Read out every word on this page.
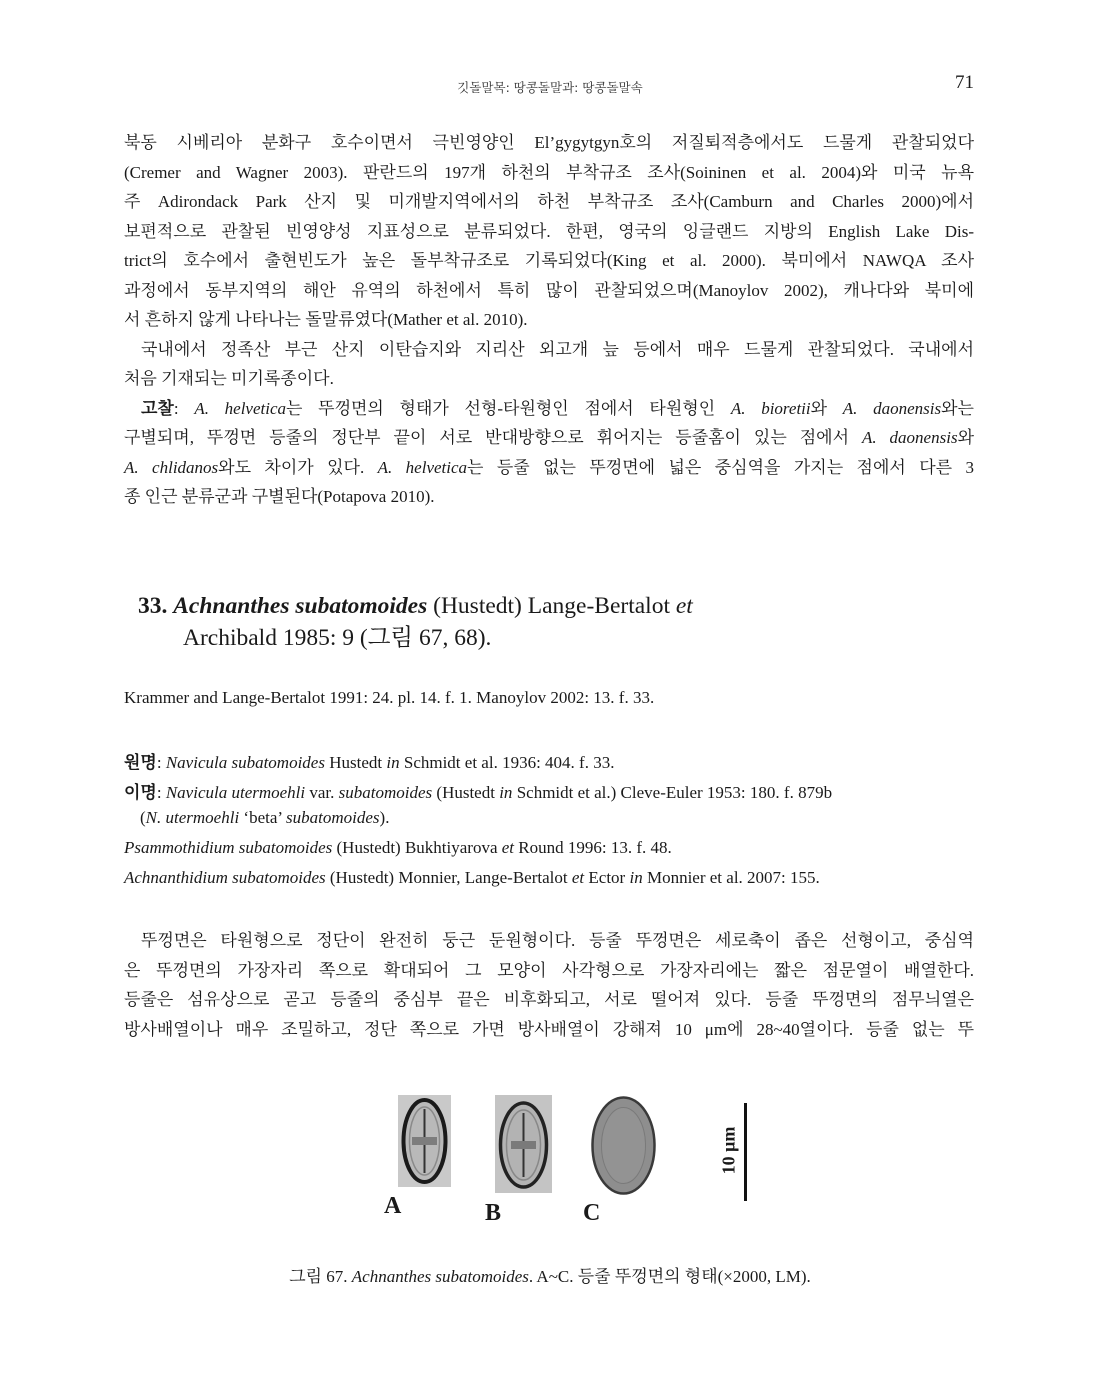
깃돌말목: 땅콩돌말과: 땅콩돌말속	71
북동 시베리아 분화구 호수이면서 극빈영양인 El’gygytgyn호의 저질퇴적층에서도 드물게 관찰되었다
(Cremer and Wagner 2003). 판란드의 197개 하천의 부착규조 조사(Soininen et al. 2004)와 미국 뉴욕
주 Adirondack Park 산지 및 미개발지역에서의 하천 부착규조 조사(Camburn and Charles 2000)에서
보편적으로 관찰된 빈영양성 지표성으로 분류되었다. 한편, 영국의 잉글랜드 지방의 English Lake Dis-
trict의 호수에서 출현빈도가 높은 돌부착규조로 기록되었다(King et al. 2000). 북미에서 NAWQA 조사
과정에서 동부지역의 해안 유역의 하천에서 특히 많이 관찰되었으며(Manoylov 2002), 캐나다와 북미에
서 흔하지 않게 나타나는 돌말류였다(Mather et al. 2010).
국내에서 정족산 부근 산지 이탄습지와 지리산 외고개 늪 등에서 매우 드물게 관찰되었다. 국내에서
처음 기재되는 미기록종이다.
고찰: A. helvetica는 뚜껑면의 형태가 선형-타원형인 점에서 타원형인 A. bioretii와 A. daonensis와는
구별되며, 뚜껑면 등줄의 정단부 끝이 서로 반대방향으로 휘어지는 등줄홈이 있는 점에서 A. daonensis와
A. chlidanos와도 차이가 있다. A. helvetica는 등줄 없는 뚜껑면에 넓은 중심역을 가지는 점에서 다른 3
종 인근 분류군과 구별된다(Potapova 2010).
33. Achnanthes subatomoides (Hustedt) Lange-Bertalot et
Archibald 1985: 9 (그림 67, 68).
Krammer and Lange-Bertalot 1991: 24. pl. 14. f. 1. Manoylov 2002: 13. f. 33.
원명: Navicula subatomoides Hustedt in Schmidt et al. 1936: 404. f. 33.
이명: Navicula utermoehli var. subatomoides (Hustedt in Schmidt et al.) Cleve-Euler 1953: 180. f. 879b
(N. utermoehli ‘beta’ subatomoides).
Psammothidium subatomoides (Hustedt) Bukhtiyarova et Round 1996: 13. f. 48.
Achnanthidium subatomoides (Hustedt) Monnier, Lange-Bertalot et Ector in Monnier et al. 2007: 155.
뚜껑면은 타원형으로 정단이 완전히 둥근 둔원형이다. 등줄 뚜껑면은 세로축이 좁은 선형이고, 중심역
은 뚜껑면의 가장자리 쪽으로 확대되어 그 모양이 사각형으로 가장자리에는 짧은 점문열이 배열한다.
등줄은 섬유상으로 곧고 등줄의 중심부 끝은 비후화되고, 서로 떨어져 있다. 등줄 뚜껑면의 점무늬열은
방사배열이나 매우 조밀하고, 정단 쪽으로 가면 방사배열이 강해져 10 μm에 28~40열이다. 등줄 없는 뚜
A	B	C
10 μm
그림 67. Achnanthes subatomoides. A~C. 등줄 뚜껑면의 형태(×2000, LM).
